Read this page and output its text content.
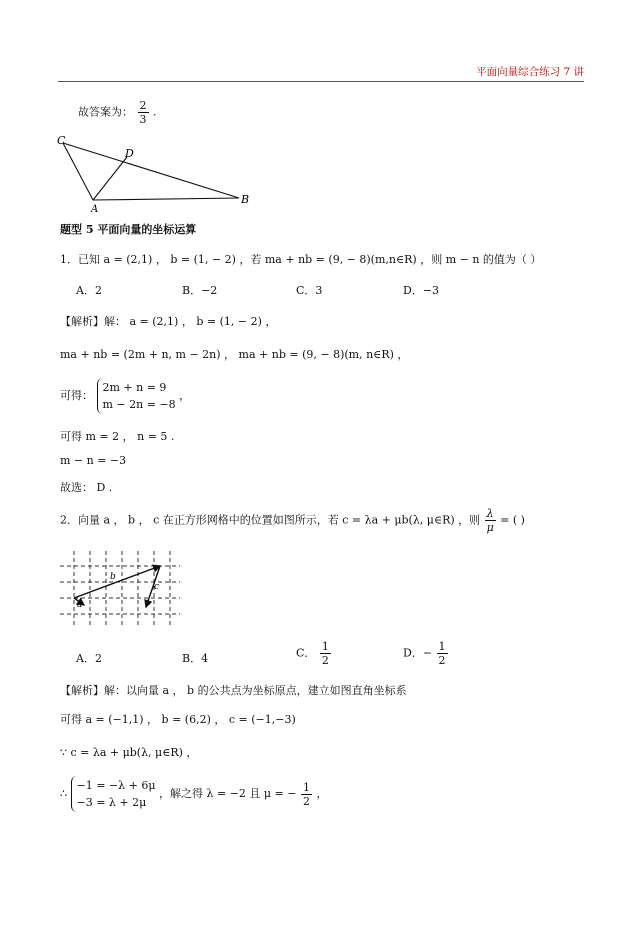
平面向量综合练习 7 讲
故答案为： $\frac{2}{3}$ .
C
D
A
B
题型 5 平面向量的坐标运算
1．已知 a = (2,1) ， b = (1, − 2) ，若 ma + nb = (9, − 8)(m,n∈R) ，则 m − n 的值为（ ）
A．2	B．−2	C．3	D．−3
【解析】解： a = (2,1) ， b = (1, − 2) ，
ma + nb = (2m + n, m − 2n) ， ma + nb = (9, − 8)(m, n∈R) ，
可得：
2m + n = 9
m − 2n = −8
，
可得 m = 2 ， n = 5 .
m − n = −3
故选： D .
2．向量 a ， b ， c 在正方形网格中的位置如图所示，若 c = λa + μb(λ, μ∈R) ，则 $\frac{\lambda}{\mu}$ = ( )
b
c
a
A．2	B．4	C． $\frac{1}{2}$	D．− $\frac{1}{2}$
【解析】解：以向量 a ， b 的公共点为坐标原点，建立如图直角坐标系
可得 a = (−1,1) ， b = (6,2) ， c = (−1,−3)
∵ c = λa + μb(λ, μ∈R) ，
∴
−1 = −λ + 6μ
−3 = λ + 2μ
，解之得 λ = −2 且 μ = − $\frac{1}{2}$ ，
